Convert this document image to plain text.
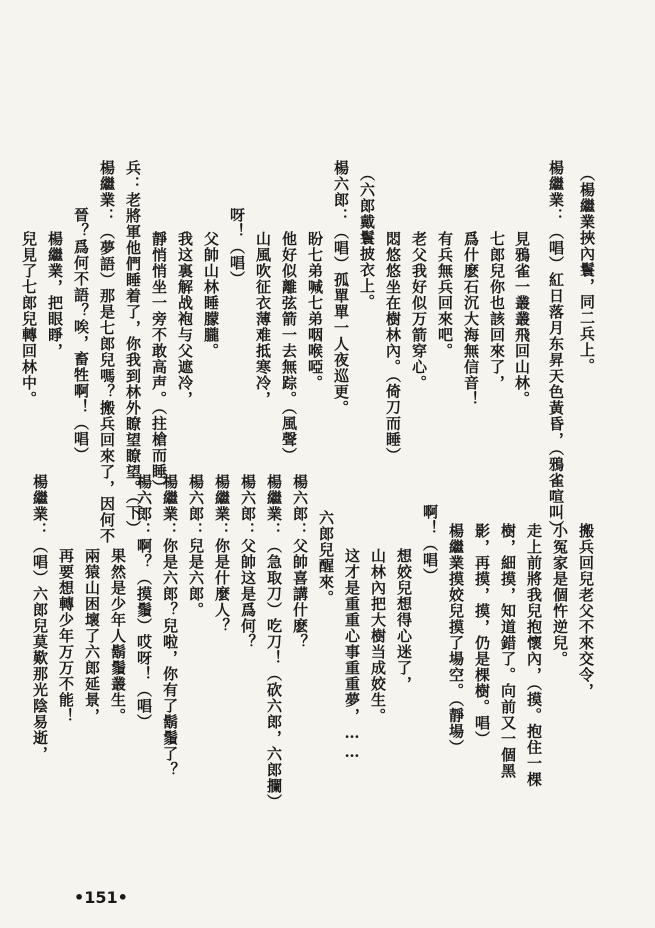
（楊繼業挾內鬟，同二兵上。
楊繼業：（唱）紅日落月东昇天色黃昏，（鴉雀喧叫）
見鴉雀一叢叢飛回山林。
七郎兒你也該回來了，
爲什麽石沉大海無信音！
有兵無兵回來吧。
老父我好似万箭穿心。
悶悠悠坐在樹林內。（倚刀而睡）
（六郎戴鬟披衣上。
楊六郎：（唱）孤單單一人夜巡更。
盼七弟喊七弟咽喉啞。
他好似離弦箭一去無踪。（風聲）
山風吹征衣薄难抵寒冷，
呀！（唱）
父帥山林睡朦朧。
我这裏解战袍与父遮冷，
靜悄悄坐一旁不敢高声。（拄槍而睡）
兵：老將軍他們睡着了，你我到林外瞭望瞭望。（下）
楊繼業：（夢語）那是七郎兒嗎？搬兵回來了，因何不
晉？爲何不語？唉，畜牲啊！（唱）
楊繼業，把眼睜，
兒見了七郎兒轉回林中。
搬兵回兒老父不來交令，
小冤家是個忤逆兒。
走上前將我兒抱懷內，（摸。抱住一棵
樹，細摸，知道錯了。向前又一個黑
影，再摸，摸，仍是棵樹。唱）
楊繼業摸姣兒摸了場空。（靜場）
啊！（唱）
想姣兒想得心迷了，
山林內把大樹当成姣生。
这才是重重心事重重夢，……
六郎兒醒來。
楊六郎：父帥喜講什麽？
楊繼業：（急取刀）吃刀！（砍六郎，六郎攔）
楊六郎：父帥这是爲何？
楊繼業：你是什麼人？
楊六郎：兒是六郎。
楊繼業：你是六郎？兒啦，你有了鬍鬚了？
楊六郎：啊？（摸鬚）哎呀！（唱）
果然是少年人鬍鬚叢生。
兩猿山困壞了六郎延景，
再要想轉少年万万不能！
楊繼業：（唱）六郎兒莫歎那光陰易逝，
•151•
